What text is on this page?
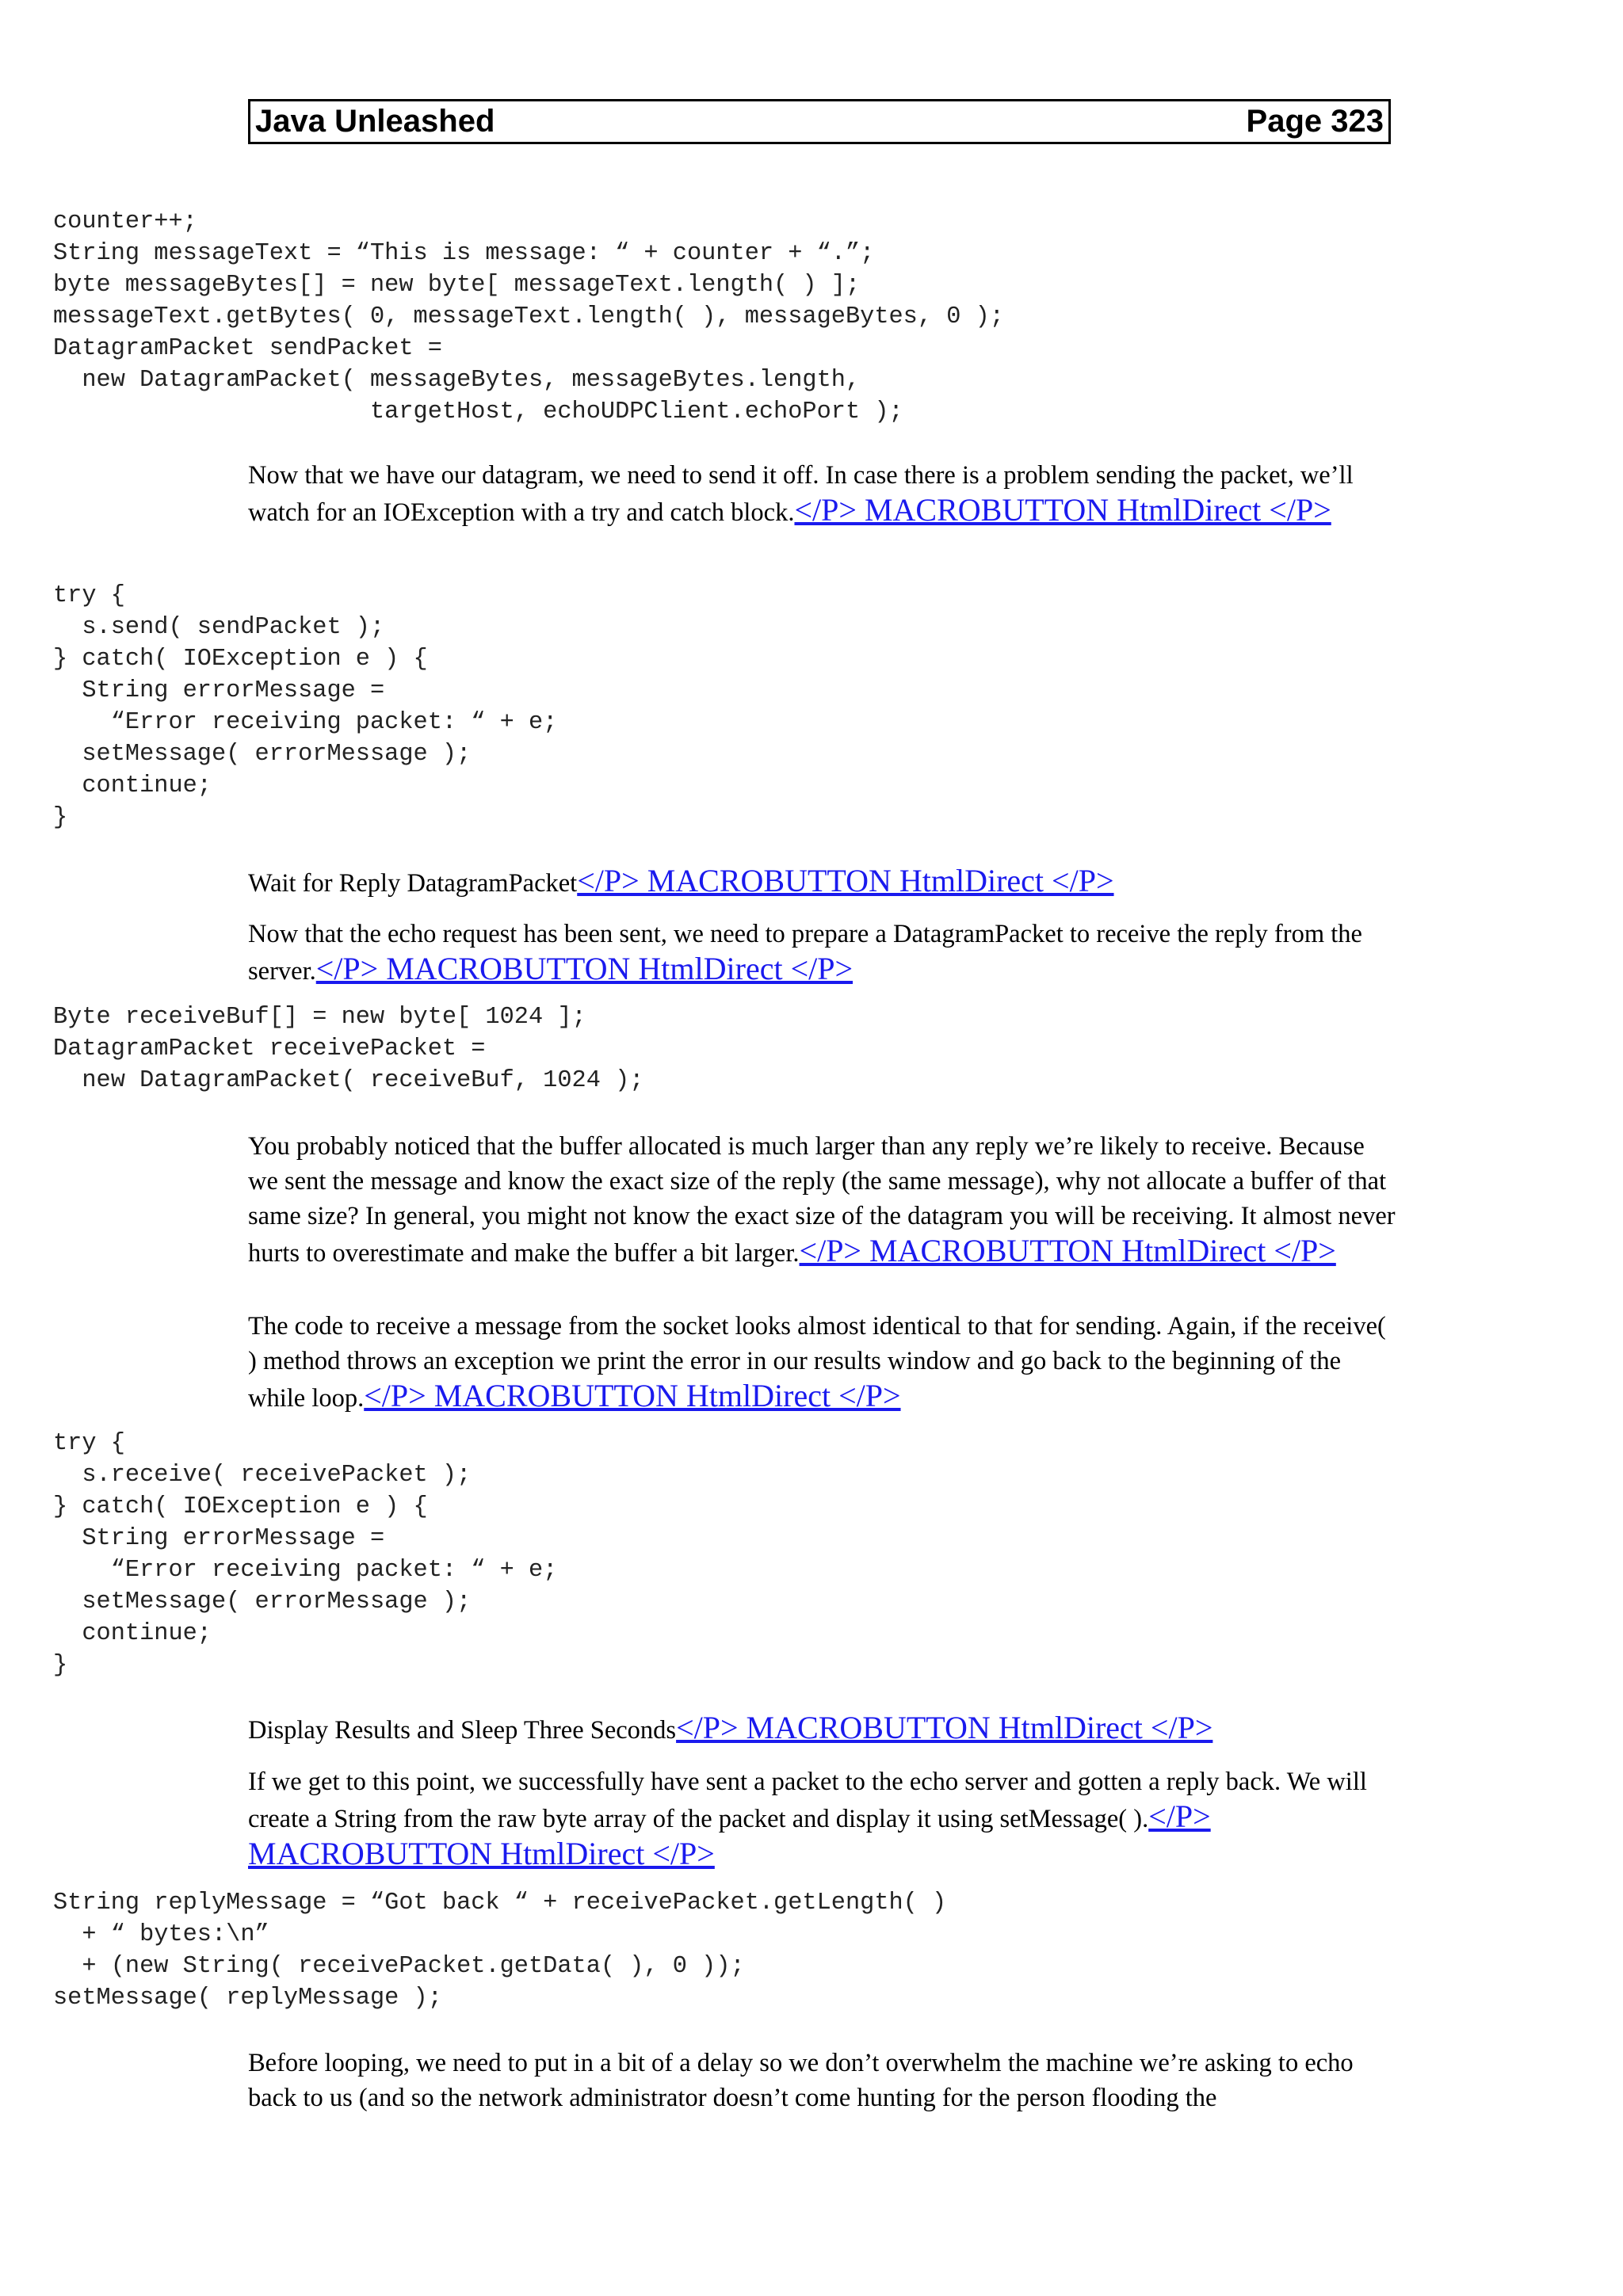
Java Unleashed	Page 323
counter++;
String messageText = “This is message: “ + counter + “.”;
byte messageBytes[] = new byte[ messageText.length( ) ];
messageText.getBytes( 0, messageText.length( ), messageBytes, 0 );
DatagramPacket sendPacket =
new DatagramPacket( messageBytes, messageBytes.length,
targetHost, echoUDPClient.echoPort );

Now that we have our datagram, we need to send it off. In case there is a problem sending the packet, we’ll watch for an IOException with a try and catch block.</P> MACROBUTTON HtmlDirect </P>

try {
s.send( sendPacket );
} catch( IOException e ) {
String errorMessage =
“Error receiving packet: “ + e;
setMessage( errorMessage );
continue;
}

Wait for Reply DatagramPacket</P> MACROBUTTON HtmlDirect </P>

Now that the echo request has been sent, we need to prepare a DatagramPacket to receive the reply from the server.</P> MACROBUTTON HtmlDirect </P>

Byte receiveBuf[] = new byte[ 1024 ];
DatagramPacket receivePacket =
new DatagramPacket( receiveBuf, 1024 );

You probably noticed that the buffer allocated is much larger than any reply we’re likely to receive. Because we sent the message and know the exact size of the reply (the same message), why not allocate a buffer of that same size? In general, you might not know the exact size of the datagram you will be receiving. It almost never hurts to overestimate and make the buffer a bit larger.</P> MACROBUTTON HtmlDirect </P>

The code to receive a message from the socket looks almost identical to that for sending. Again, if the receive( ) method throws an exception we print the error in our results window and go back to the beginning of the while loop.</P> MACROBUTTON HtmlDirect </P>

try {
s.receive( receivePacket );
} catch( IOException e ) {
String errorMessage =
“Error receiving packet: “ + e;
setMessage( errorMessage );
continue;
}

Display Results and Sleep Three Seconds</P> MACROBUTTON HtmlDirect </P>

If we get to this point, we successfully have sent a packet to the echo server and gotten a reply back. We will create a String from the raw byte array of the packet and display it using setMessage( ).</P> MACROBUTTON HtmlDirect </P>

String replyMessage = “Got back “ + receivePacket.getLength( )
+ “ bytes:\n”
+ (new String( receivePacket.getData( ), 0 ));
setMessage( replyMessage );

Before looping, we need to put in a bit of a delay so we don’t overwhelm the machine we’re asking to echo back to us (and so the network administrator doesn’t come hunting for the person flooding the
